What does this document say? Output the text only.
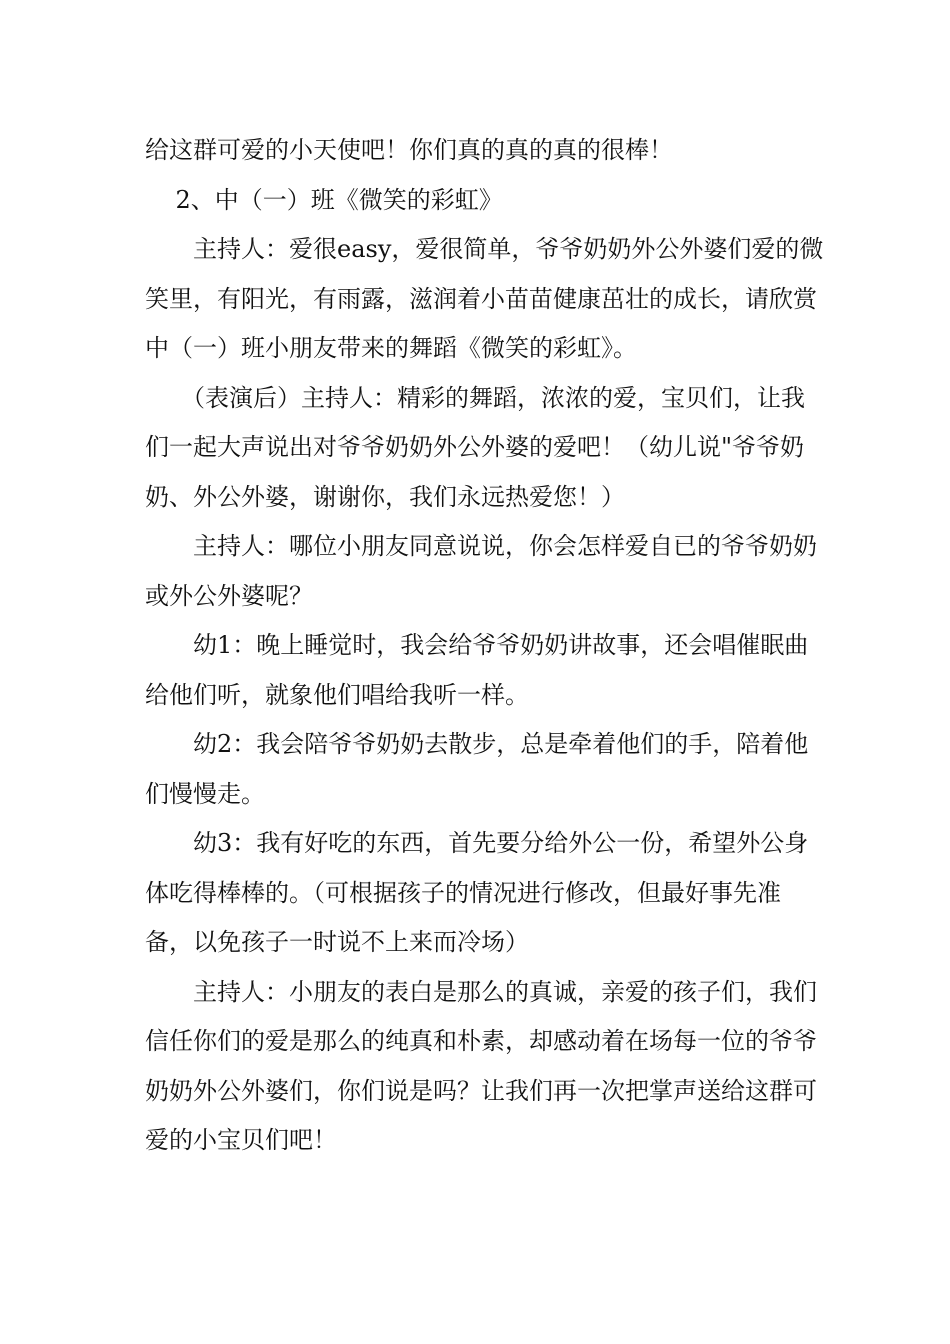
给这群可爱的小天使吧！你们真的真的真的很棒！

2、中（一）班《微笑的彩虹》

　　主持人：爱很easy，爱很简单，爷爷奶奶外公外婆们爱的微笑里，有阳光，有雨露，滋润着小苗苗健康茁壮的成长，请欣赏中（一）班小朋友带来的舞蹈《微笑的彩虹》。

　　（表演后）主持人：精彩的舞蹈，浓浓的爱，宝贝们，让我们一起大声说出对爷爷奶奶外公外婆的爱吧！（幼儿说"爷爷奶奶、外公外婆，谢谢你，我们永远热爱您！）

　　主持人：哪位小朋友同意说说，你会怎样爱自已的爷爷奶奶或外公外婆呢？

　　幼1：晚上睡觉时，我会给爷爷奶奶讲故事，还会唱催眠曲给他们听，就象他们唱给我听一样。

　　幼2：我会陪爷爷奶奶去散步，总是牵着他们的手，陪着他们慢慢走。

　　幼3：我有好吃的东西，首先要分给外公一份，希望外公身体吃得棒棒的。（可根据孩子的情况进行修改，但最好事先准备，以免孩子一时说不上来而冷场）

　　主持人：小朋友的表白是那么的真诚，亲爱的孩子们，我们信任你们的爱是那么的纯真和朴素，却感动着在场每一位的爷爷奶奶外公外婆们，你们说是吗？让我们再一次把掌声送给这群可爱的小宝贝们吧！
